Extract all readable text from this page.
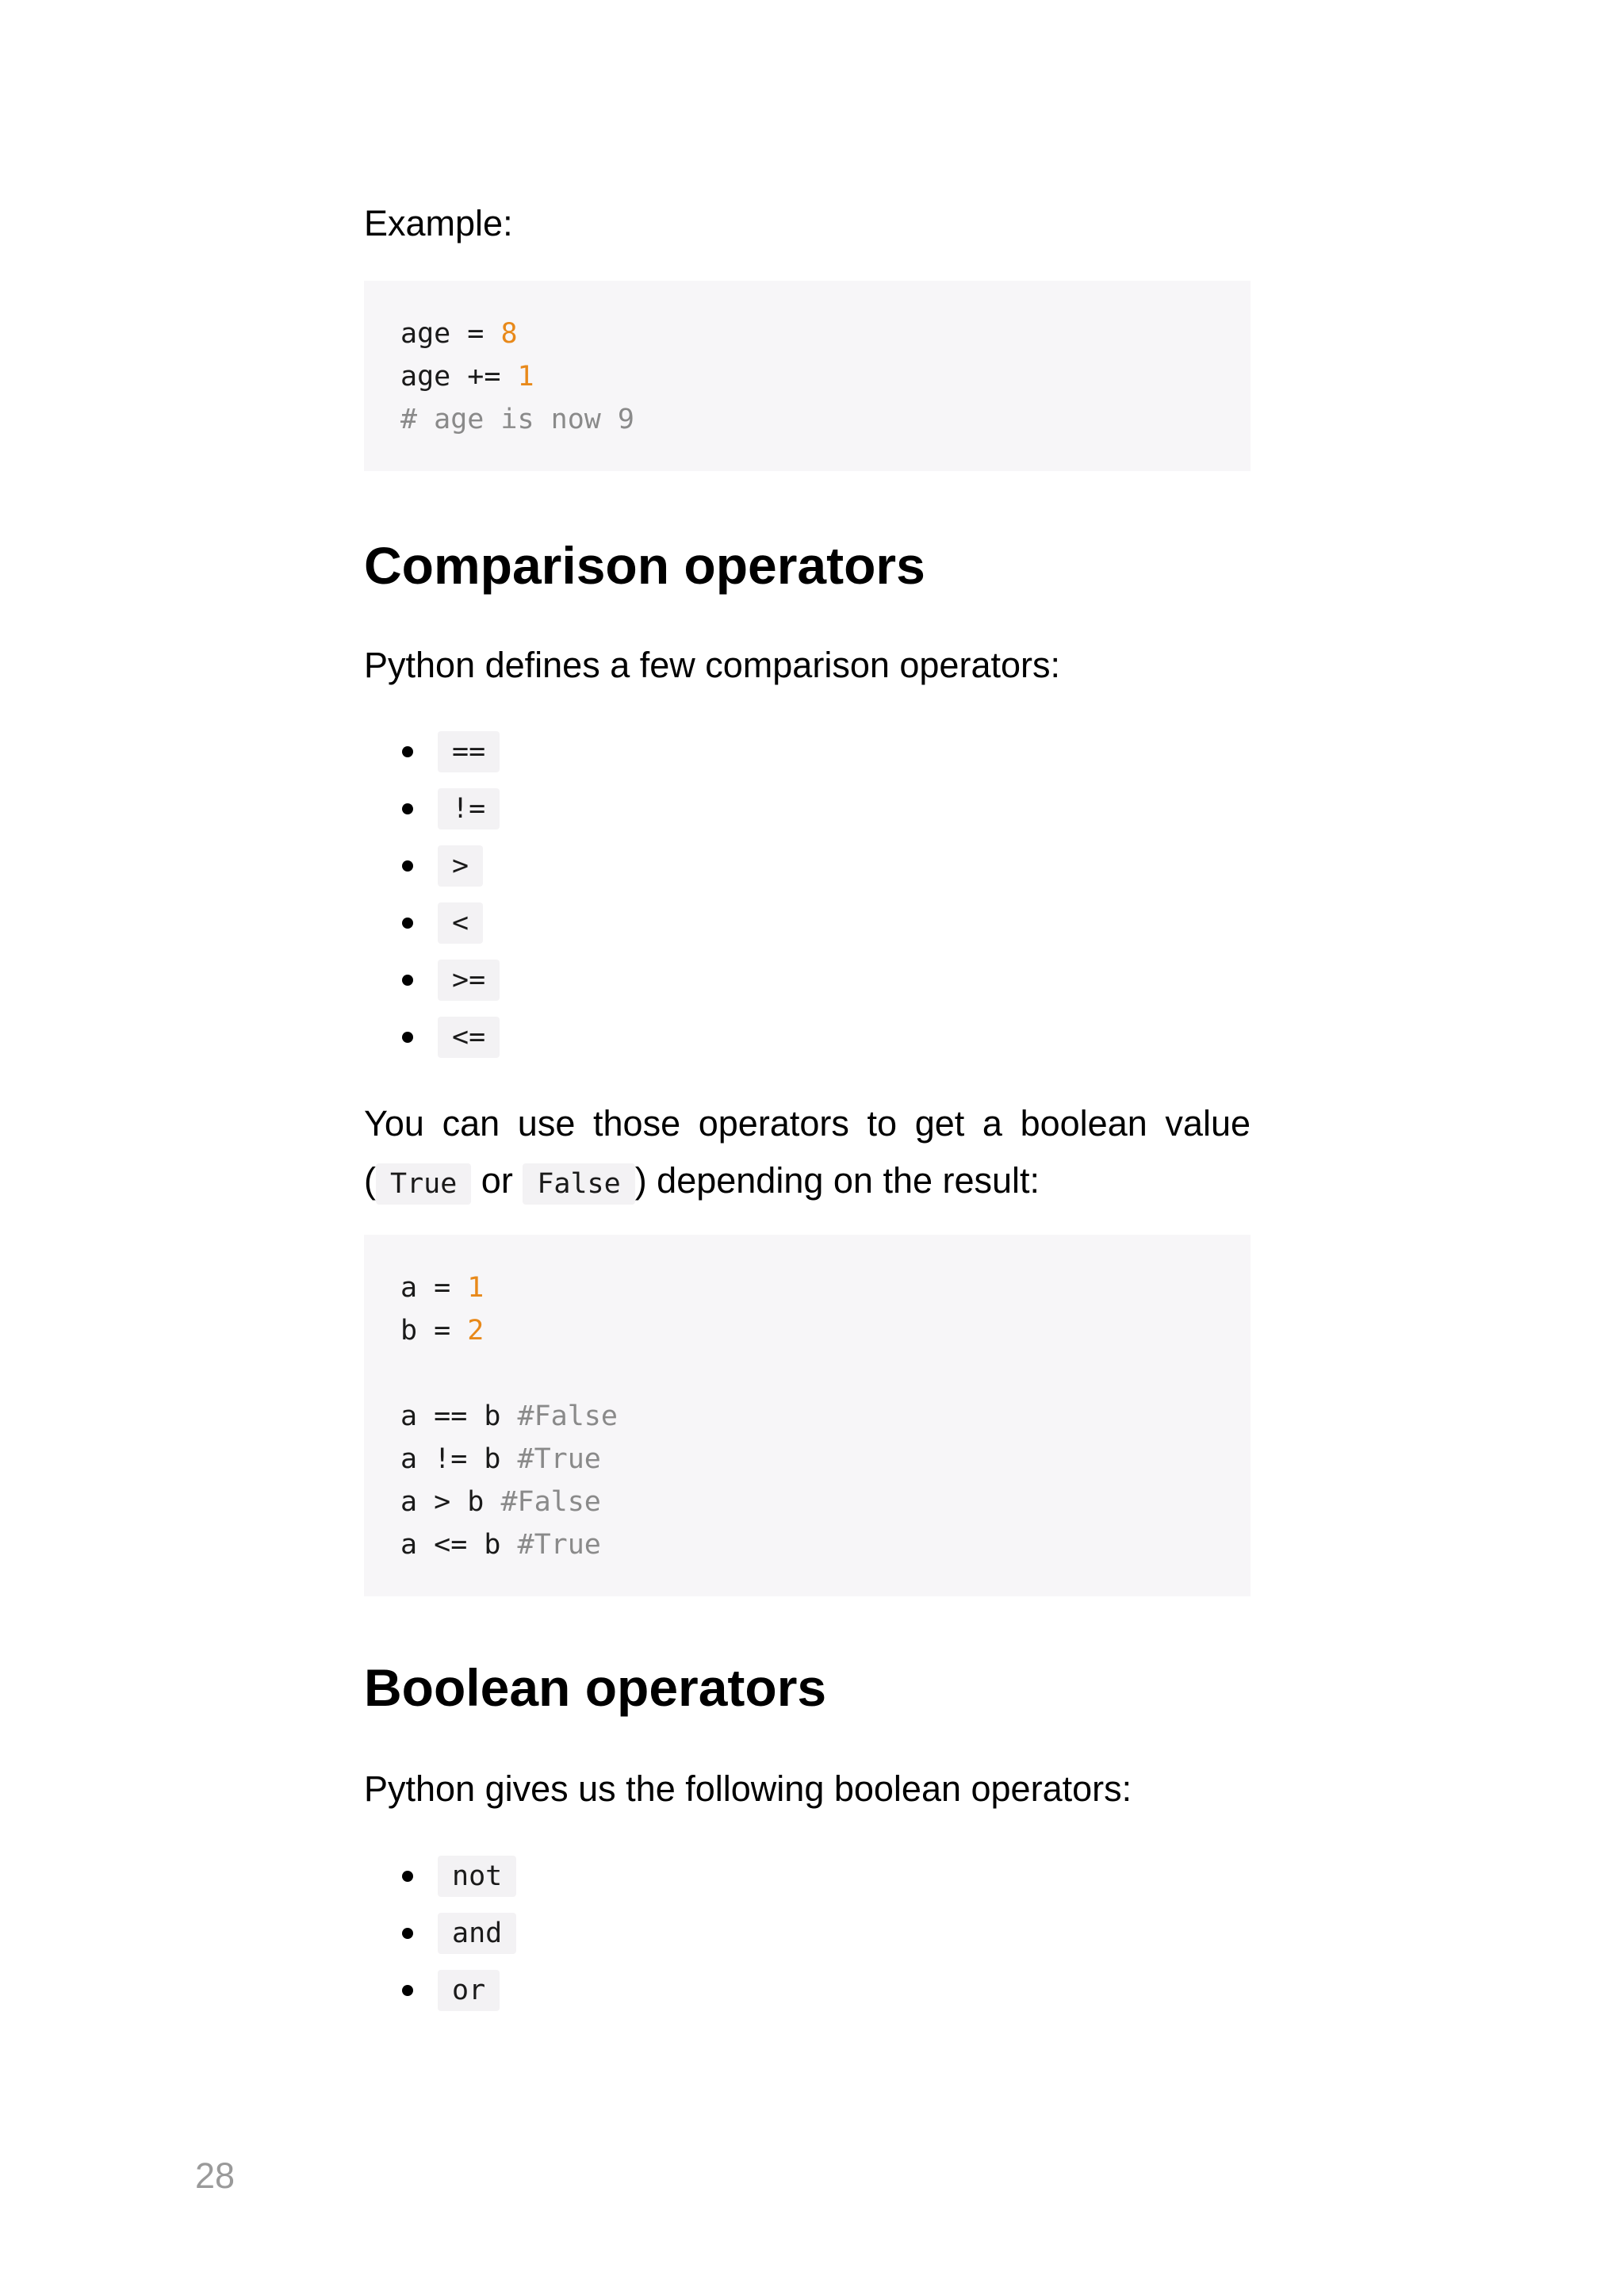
Example:

age = 8
age += 1
# age is now 9
Comparison operators

Python defines a few comparison operators:

==
!=
>
<
>=
<=

You can use those operators to get a boolean value ( True or False ) depending on the result:

a = 1
b = 2
a == b #False
a != b #True
a > b #False
a <= b #True
Boolean operators

Python gives us the following boolean operators:

not
and
or
28
